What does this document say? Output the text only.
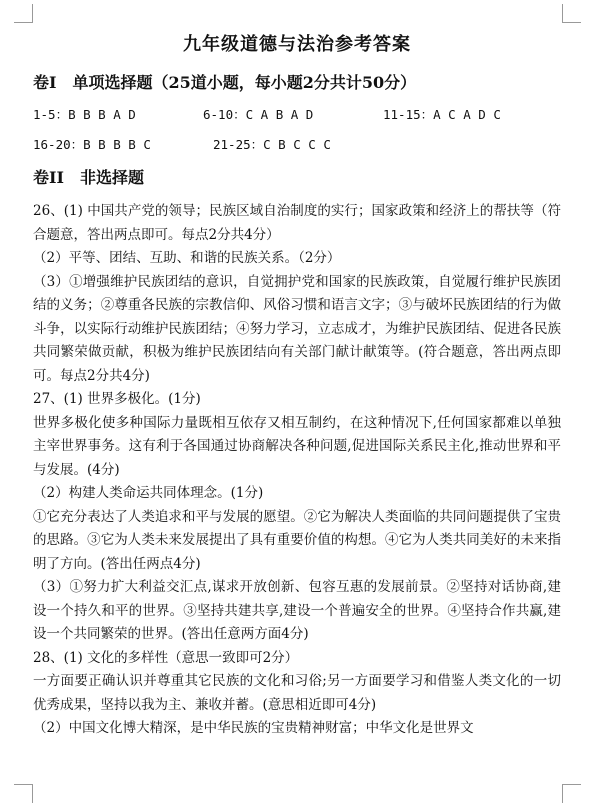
九年级道德与法治参考答案
卷Ⅰ　单项选择题（25道小题，每小题2分共计50分）
1-5：B B B A D	6-10：C A B A D	11-15：A C A D C
16-20：B B B B C	21-25：C B C C C
卷II　非选择题

26、(1) 中国共产党的领导；民族区域自治制度的实行；国家政策和经济上的帮扶等（符合题意，答出两点即可。每点2分共4分）

（2）平等、团结、互助、和谐的民族关系。（2分）

（3）①增强维护民族团结的意识，自觉拥护党和国家的民族政策，自觉履行维护民族团结的义务；②尊重各民族的宗教信仰、风俗习惯和语言文字；③与破坏民族团结的行为做斗争，以实际行动维护民族团结；④努力学习，立志成才，为维护民族团结、促进各民族共同繁荣做贡献，积极为维护民族团结向有关部门献计献策等。(符合题意，答出两点即可。每点2分共4分)

27、(1) 世界多极化。(1分)

世界多极化使多种国际力量既相互依存又相互制约，在这种情况下,任何国家都难以单独主宰世界事务。这有利于各国通过协商解决各种问题,促进国际关系民主化,推动世界和平与发展。(4分)

（2）构建人类命运共同体理念。(1分)

①它充分表达了人类追求和平与发展的愿望。②它为解决人类面临的共同问题提供了宝贵的思路。③它为人类未来发展提出了具有重要价值的构想。④它为人类共同美好的未来指明了方向。(答出任两点4分)

（3）①努力扩大利益交汇点,谋求开放创新、包容互惠的发展前景。②坚持对话协商,建设一个持久和平的世界。③坚持共建共享,建设一个普遍安全的世界。④坚持合作共赢,建设一个共同繁荣的世界。(答出任意两方面4分)

28、(1) 文化的多样性（意思一致即可2分）

一方面要正确认识并尊重其它民族的文化和习俗;另一方面要学习和借鉴人类文化的一切优秀成果，坚持以我为主、兼收并蓄。(意思相近即可4分)

（2）中国文化博大精深，是中华民族的宝贵精神财富；中华文化是世界文
